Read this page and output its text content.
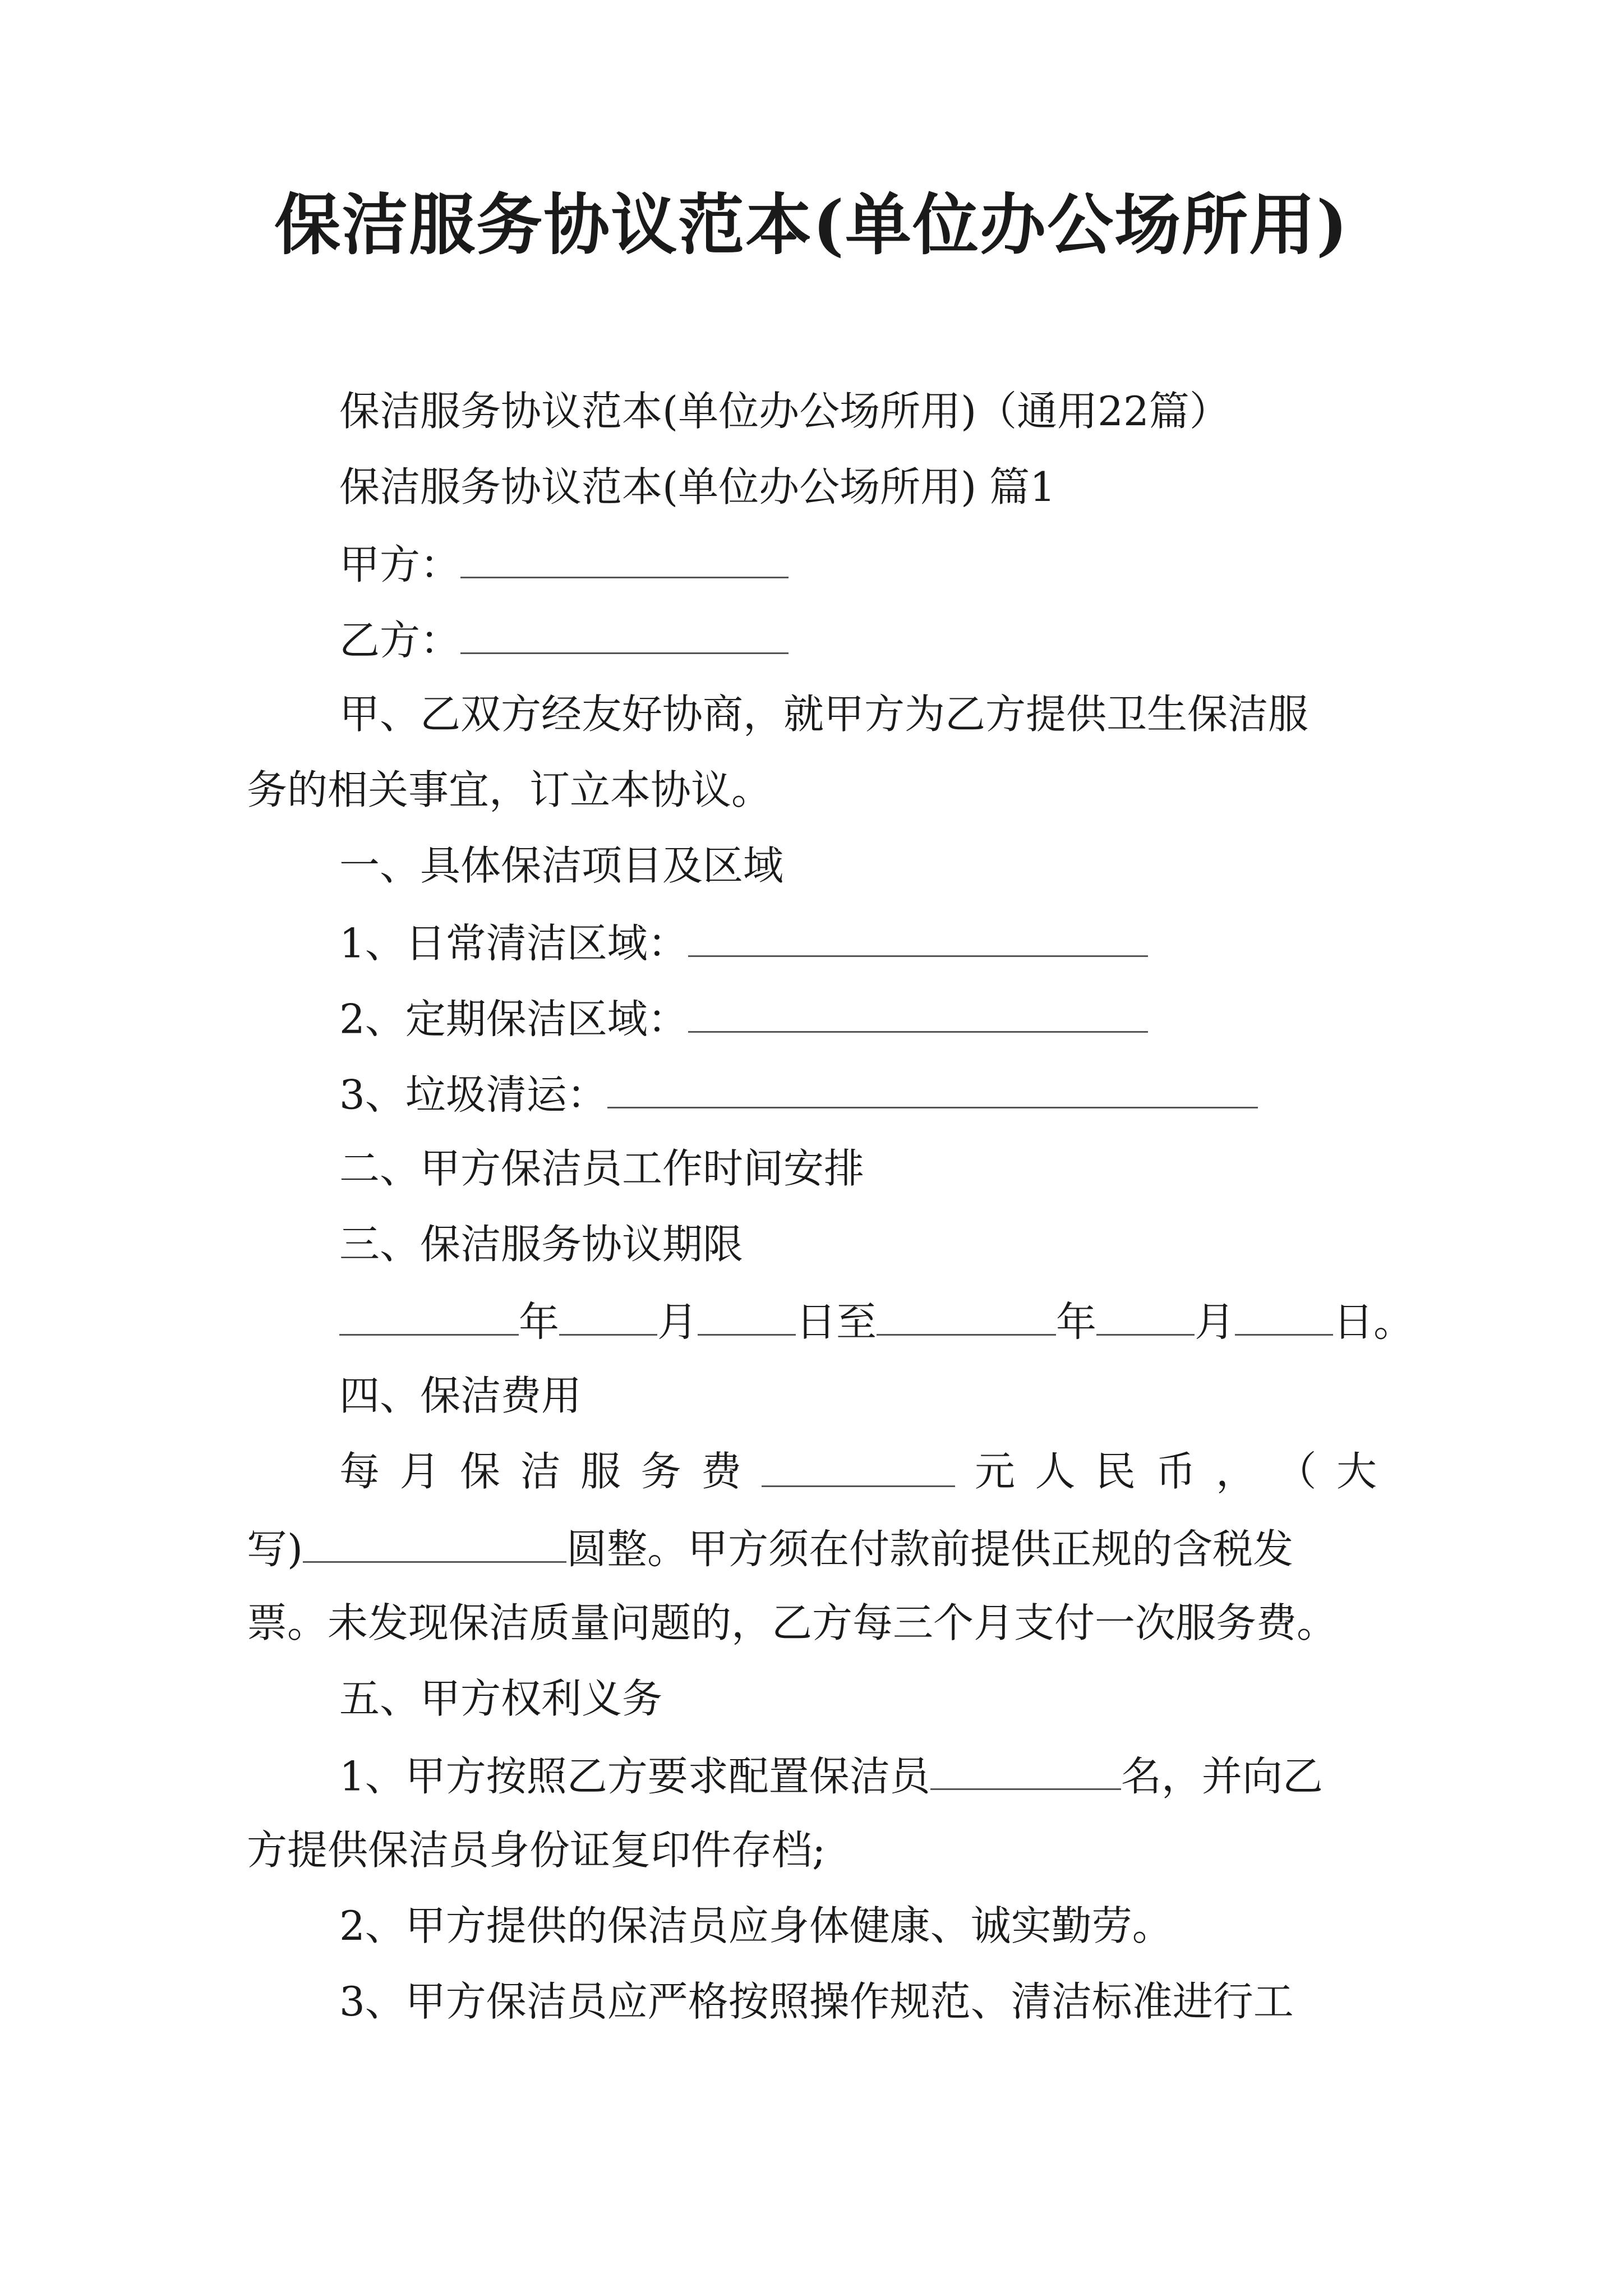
保洁服务协议范本(单位办公场所用)
保洁服务协议范本(单位办公场所用)（通用22篇）
保洁服务协议范本(单位办公场所用) 篇1
甲方：
乙方：
甲、乙双方经友好协商，就甲方为乙方提供卫生保洁服
务的相关事宜，订立本协议。
一、具体保洁项目及区域
1、日常清洁区域：
2、定期保洁区域：
3、垃圾清运：
二、甲方保洁员工作时间安排
三、保洁服务协议期限
年 月 日至	年 月 日。
四、保洁费用
每 月 保 洁 服 务 费	元 人 民 币 ， （ 大
写)	圆整。甲方须在付款前提供正规的含税发
票。未发现保洁质量问题的，乙方每三个月支付一次服务费。
五、甲方权利义务
1、甲方按照乙方要求配置保洁员	名，并向乙
方提供保洁员身份证复印件存档;
2、甲方提供的保洁员应身体健康、诚实勤劳。
3、甲方保洁员应严格按照操作规范、清洁标准进行工
